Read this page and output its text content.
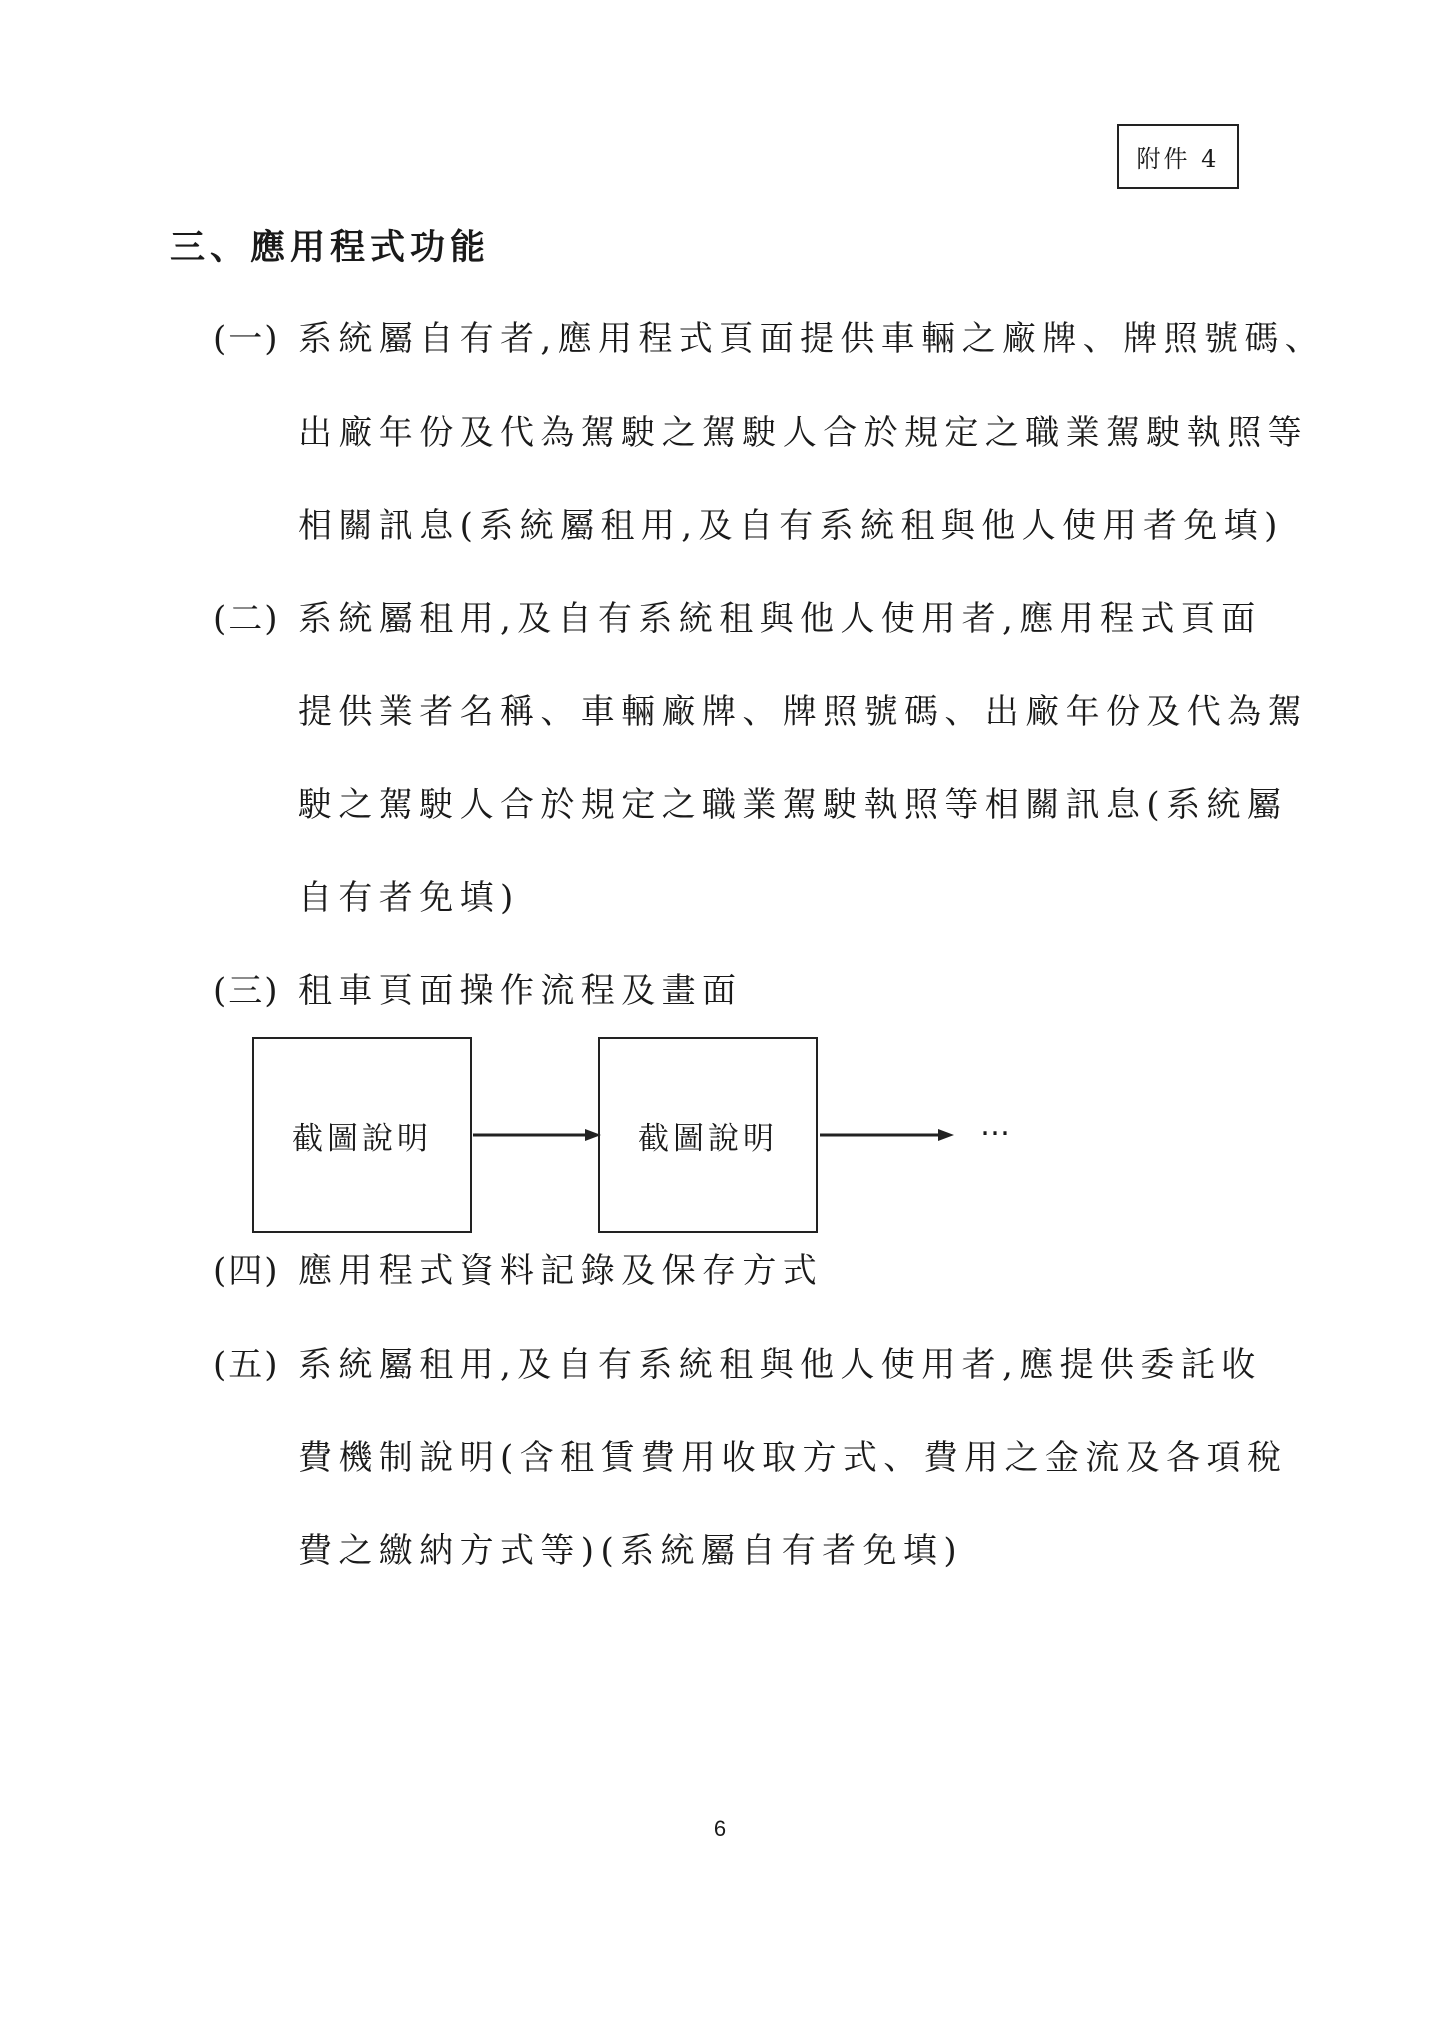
附件 4
三、應用程式功能
(一) 系統屬自有者,應用程式頁面提供車輛之廠牌、牌照號碼、
出廠年份及代為駕駛之駕駛人合於規定之職業駕駛執照等
相關訊息(系統屬租用,及自有系統租與他人使用者免填)
(二) 系統屬租用,及自有系統租與他人使用者,應用程式頁面
提供業者名稱、車輛廠牌、牌照號碼、出廠年份及代為駕
駛之駕駛人合於規定之職業駕駛執照等相關訊息(系統屬
自有者免填)
(三) 租車頁面操作流程及畫面
截圖說明	截圖說明	…
(四) 應用程式資料記錄及保存方式
(五) 系統屬租用,及自有系統租與他人使用者,應提供委託收
費機制說明(含租賃費用收取方式、費用之金流及各項稅
費之繳納方式等)(系統屬自有者免填)
6
